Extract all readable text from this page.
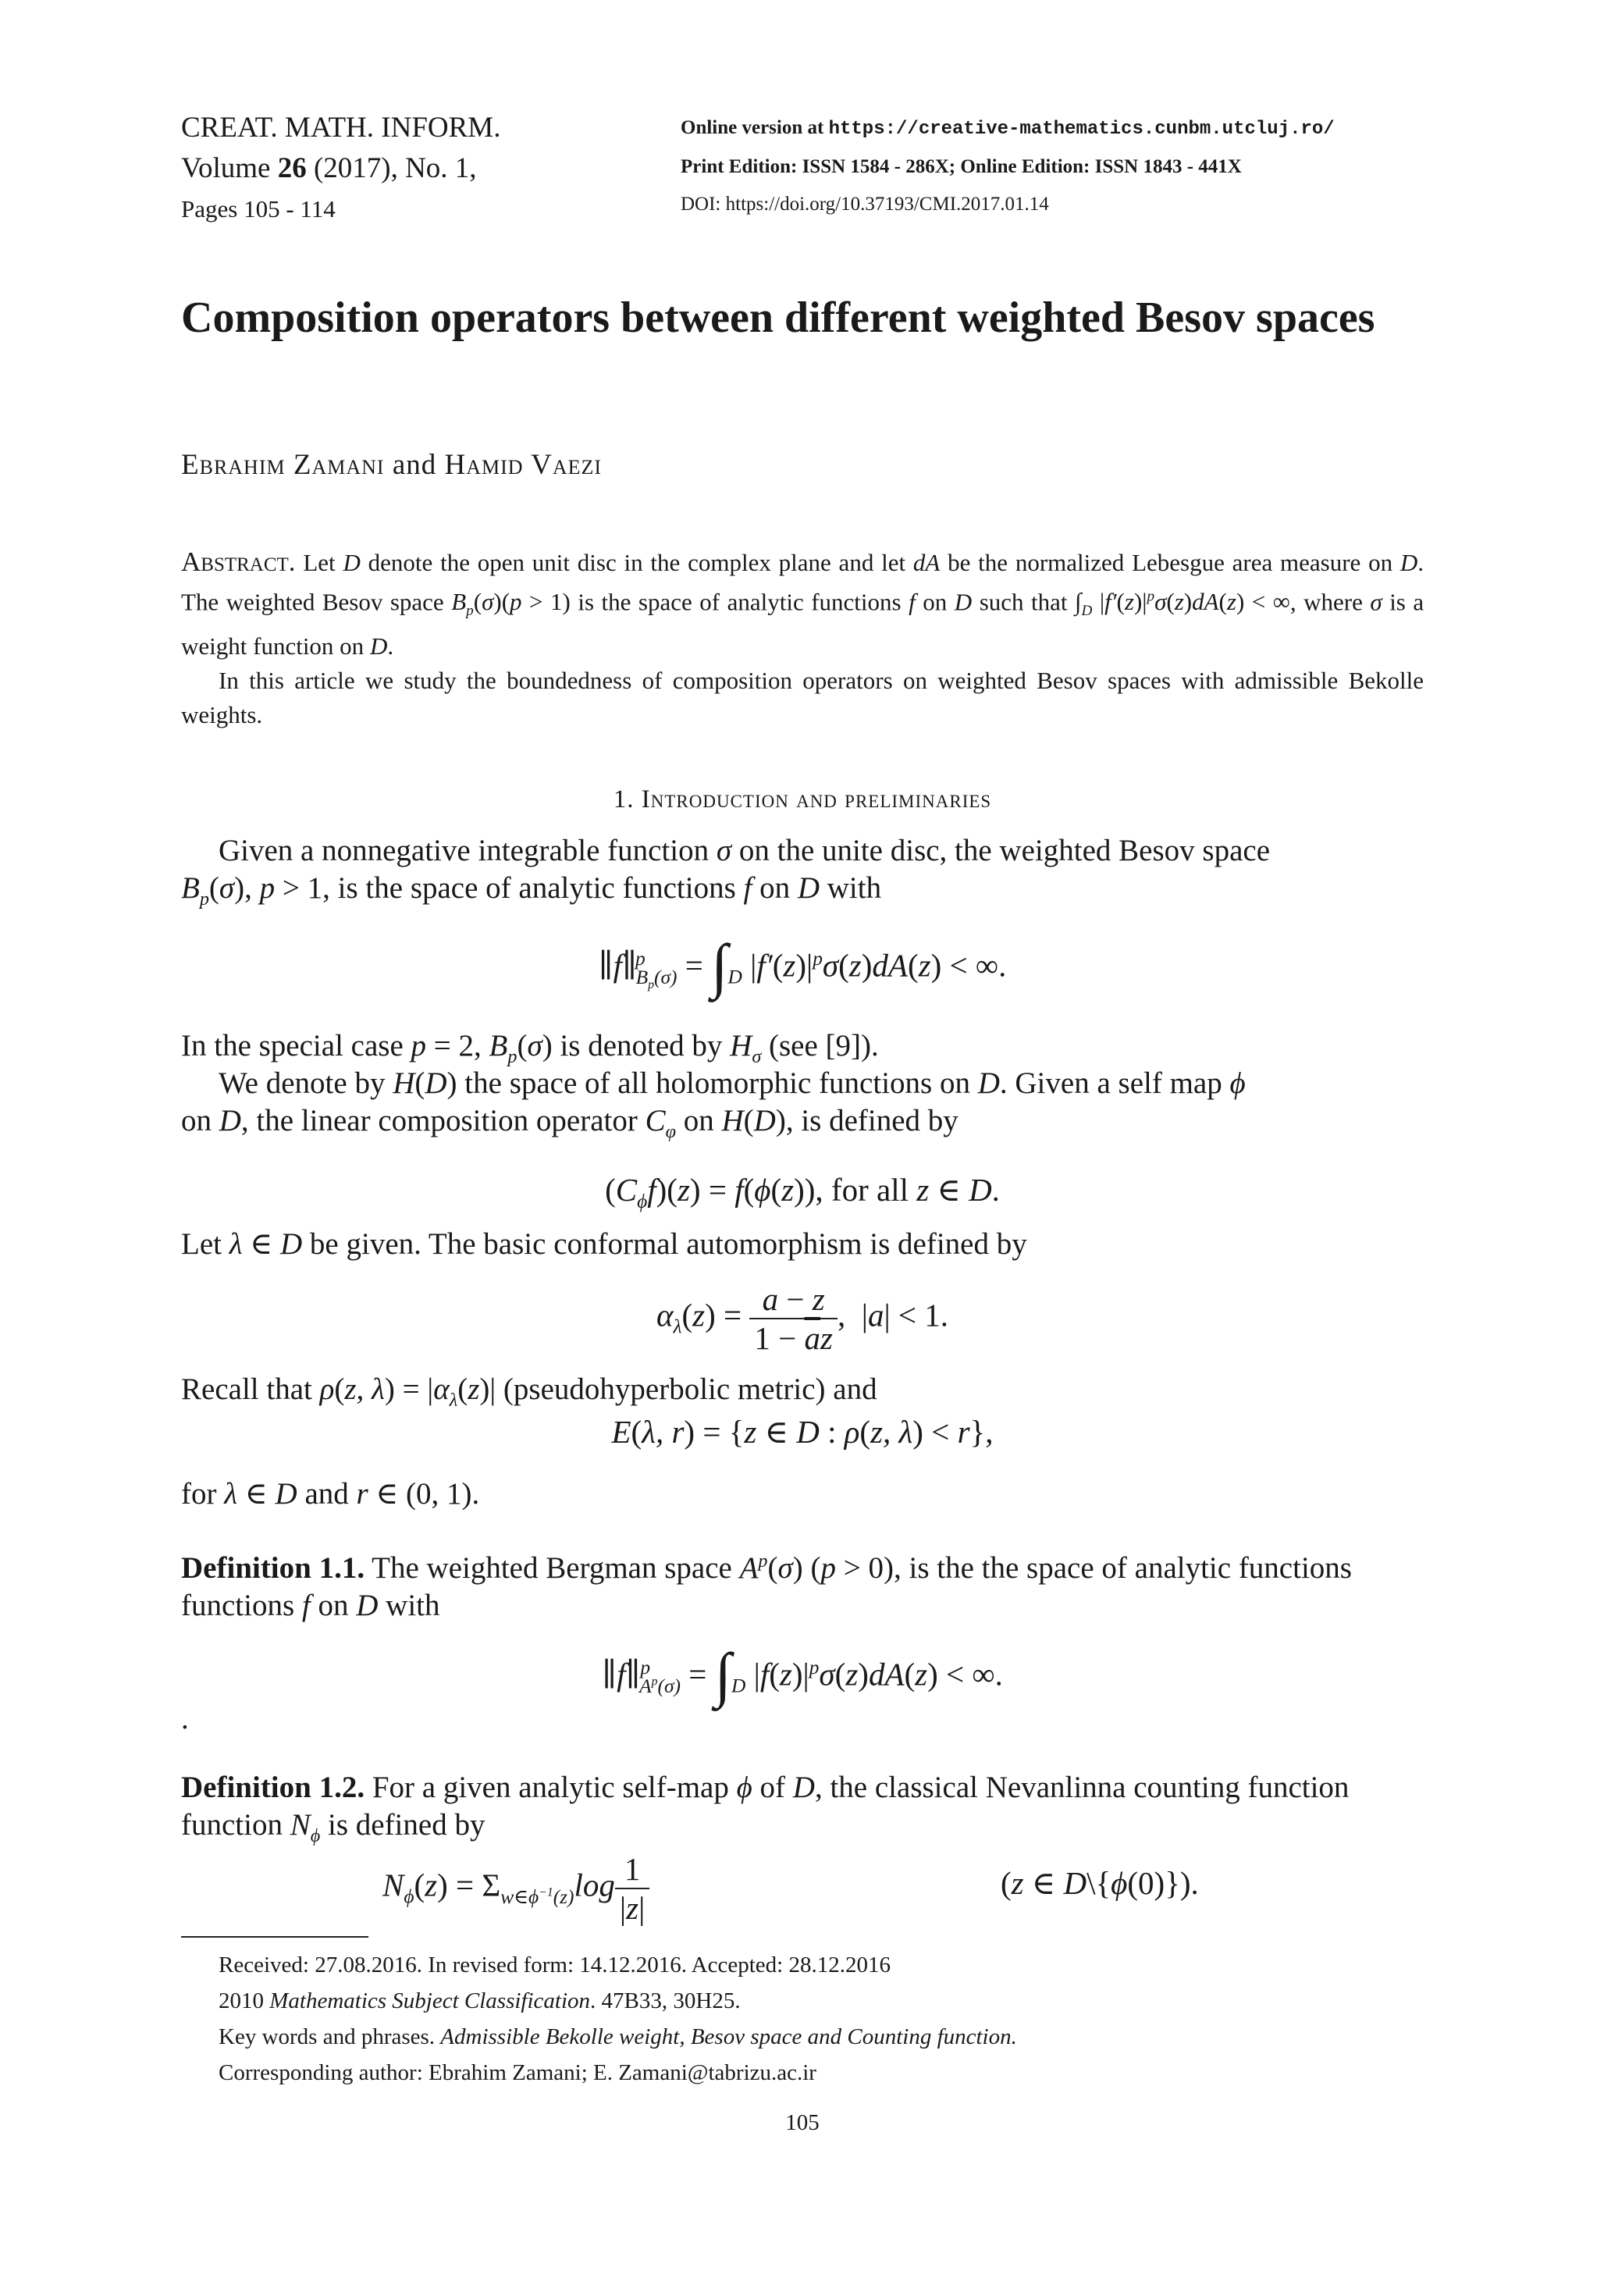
CREAT. MATH. INFORM.
Volume 26 (2017), No. 1,
Pages 105 - 114
Online version at https://creative-mathematics.cunbm.utcluj.ro/
Print Edition: ISSN 1584 - 286X; Online Edition: ISSN 1843 - 441X
DOI: https://doi.org/10.37193/CMI.2017.01.14
Composition operators between different weighted Besov spaces
Ebrahim Zamani and Hamid Vaezi

Abstract. Let D denote the open unit disc in the complex plane and let dA be the normalized Lebesgue area measure on D. The weighted Besov space $B_p(\sigma)(p > 1)$ is the space of analytic functions f on D such that $\int_D$ $|f'(z)|^p\sigma(z)dA(z)$ < ∞, where σ is a weight function on D.

In this article we study the boundedness of composition operators on weighted Besov spaces with admissible Bekolle weights.

1. Introduction and preliminaries
Given a nonnegative integrable function σ on the unite disc, the weighted Besov space
$B_p(\sigma)$, p > 1, is the space of analytic functions f on D with
∥f∥$^p_{B_p(\sigma)}$ = $\int_D$ $|f'(z)|^p\sigma(z)dA(z)$ < ∞.
In the special case p = 2, $B_p(\sigma)$ is denoted by $H_\sigma$ (see [9]).
We denote by H(D) the space of all holomorphic functions on D. Given a self map ϕ
on D, the linear composition operator $C_\varphi$ on H(D), is defined by
$(C_\phi f)(z) = f(\phi(z))$, for all z ∈ D.
Let λ ∈ D be given. The basic conformal automorphism is defined by
$\alpha_\lambda(z) = \frac{a - z}{1 - \overline{a}z}$ , |a| < 1.
Recall that ρ(z, $\lambda) = |\alpha_\lambda(z)|$ (pseudohyperbolic metric) and
E(λ, r) = {z ∈ D : ρ(z, λ) < r},
for λ ∈ D and r ∈ (0, 1).
Definition 1.1. The weighted Bergman space $A^p(\sigma) (p > 0)$, is the the space of analytic functions
functions f on D with
∥f∥$^p_{A^p(\sigma)}$ = $\int_D$ $|f(z)|^p\sigma(z)dA(z)$ < ∞.
.
Definition 1.2. For a given analytic self-map ϕ of D, the classical Nevanlinna counting function
function $N_\phi$ is defined by
$N_\phi(z) = \Sigma_{w\in\phi^{-1}(z)}\log \frac{1}{|z|}$	(z ∈ D\{ϕ(0)}).
Received: 27.08.2016. In revised form: 14.12.2016. Accepted: 28.12.2016
2010 Mathematics Subject Classification. 47B33, 30H25.
Key words and phrases. Admissible Bekolle weight, Besov space and Counting function.
Corresponding author: Ebrahim Zamani; E. Zamani@tabrizu.ac.ir
105
